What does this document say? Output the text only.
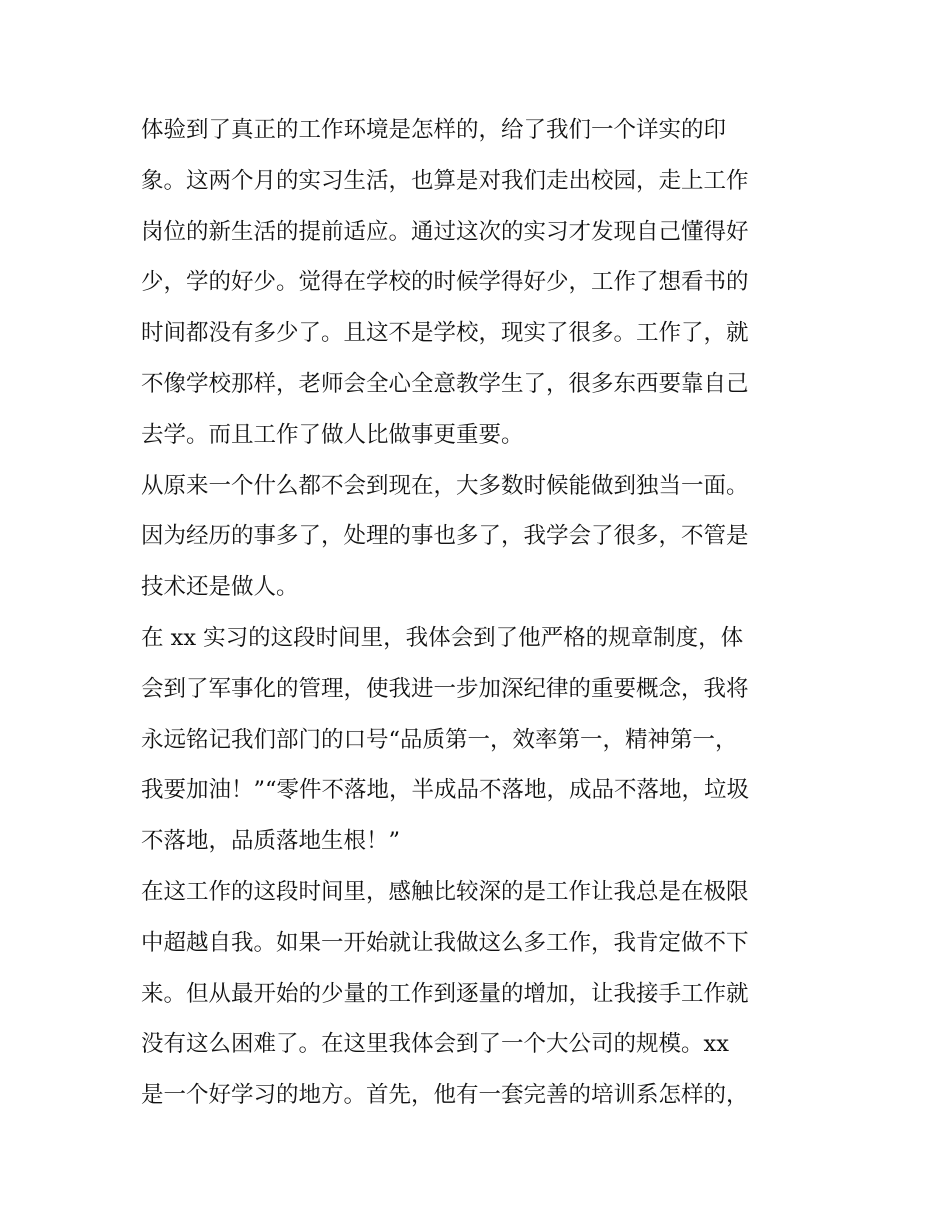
体验到了真正的工作环境是怎样的，给了我们一个详实的印
象。这两个月的实习生活，也算是对我们走出校园，走上工作
岗位的新生活的提前适应。通过这次的实习才发现自己懂得好
少，学的好少。觉得在学校的时候学得好少，工作了想看书的
时间都没有多少了。且这不是学校，现实了很多。工作了，就
不像学校那样，老师会全心全意教学生了，很多东西要靠自己
去学。而且工作了做人比做事更重要。
从原来一个什么都不会到现在，大多数时候能做到独当一面。
因为经历的事多了，处理的事也多了，我学会了很多，不管是
技术还是做人。
在 xx 实习的这段时间里，我体会到了他严格的规章制度，体
会到了军事化的管理，使我进一步加深纪律的重要概念，我将
永远铭记我们部门的口号“品质第一，效率第一，精神第一，
我要加油！”“零件不落地，半成品不落地，成品不落地，垃圾
不落地，品质落地生根！”
在这工作的这段时间里，感触比较深的是工作让我总是在极限
中超越自我。如果一开始就让我做这么多工作，我肯定做不下
来。但从最开始的少量的工作到逐量的增加，让我接手工作就
没有这么困难了。在这里我体会到了一个大公司的规模。xx
是一个好学习的地方。首先，他有一套完善的培训系怎样的，
